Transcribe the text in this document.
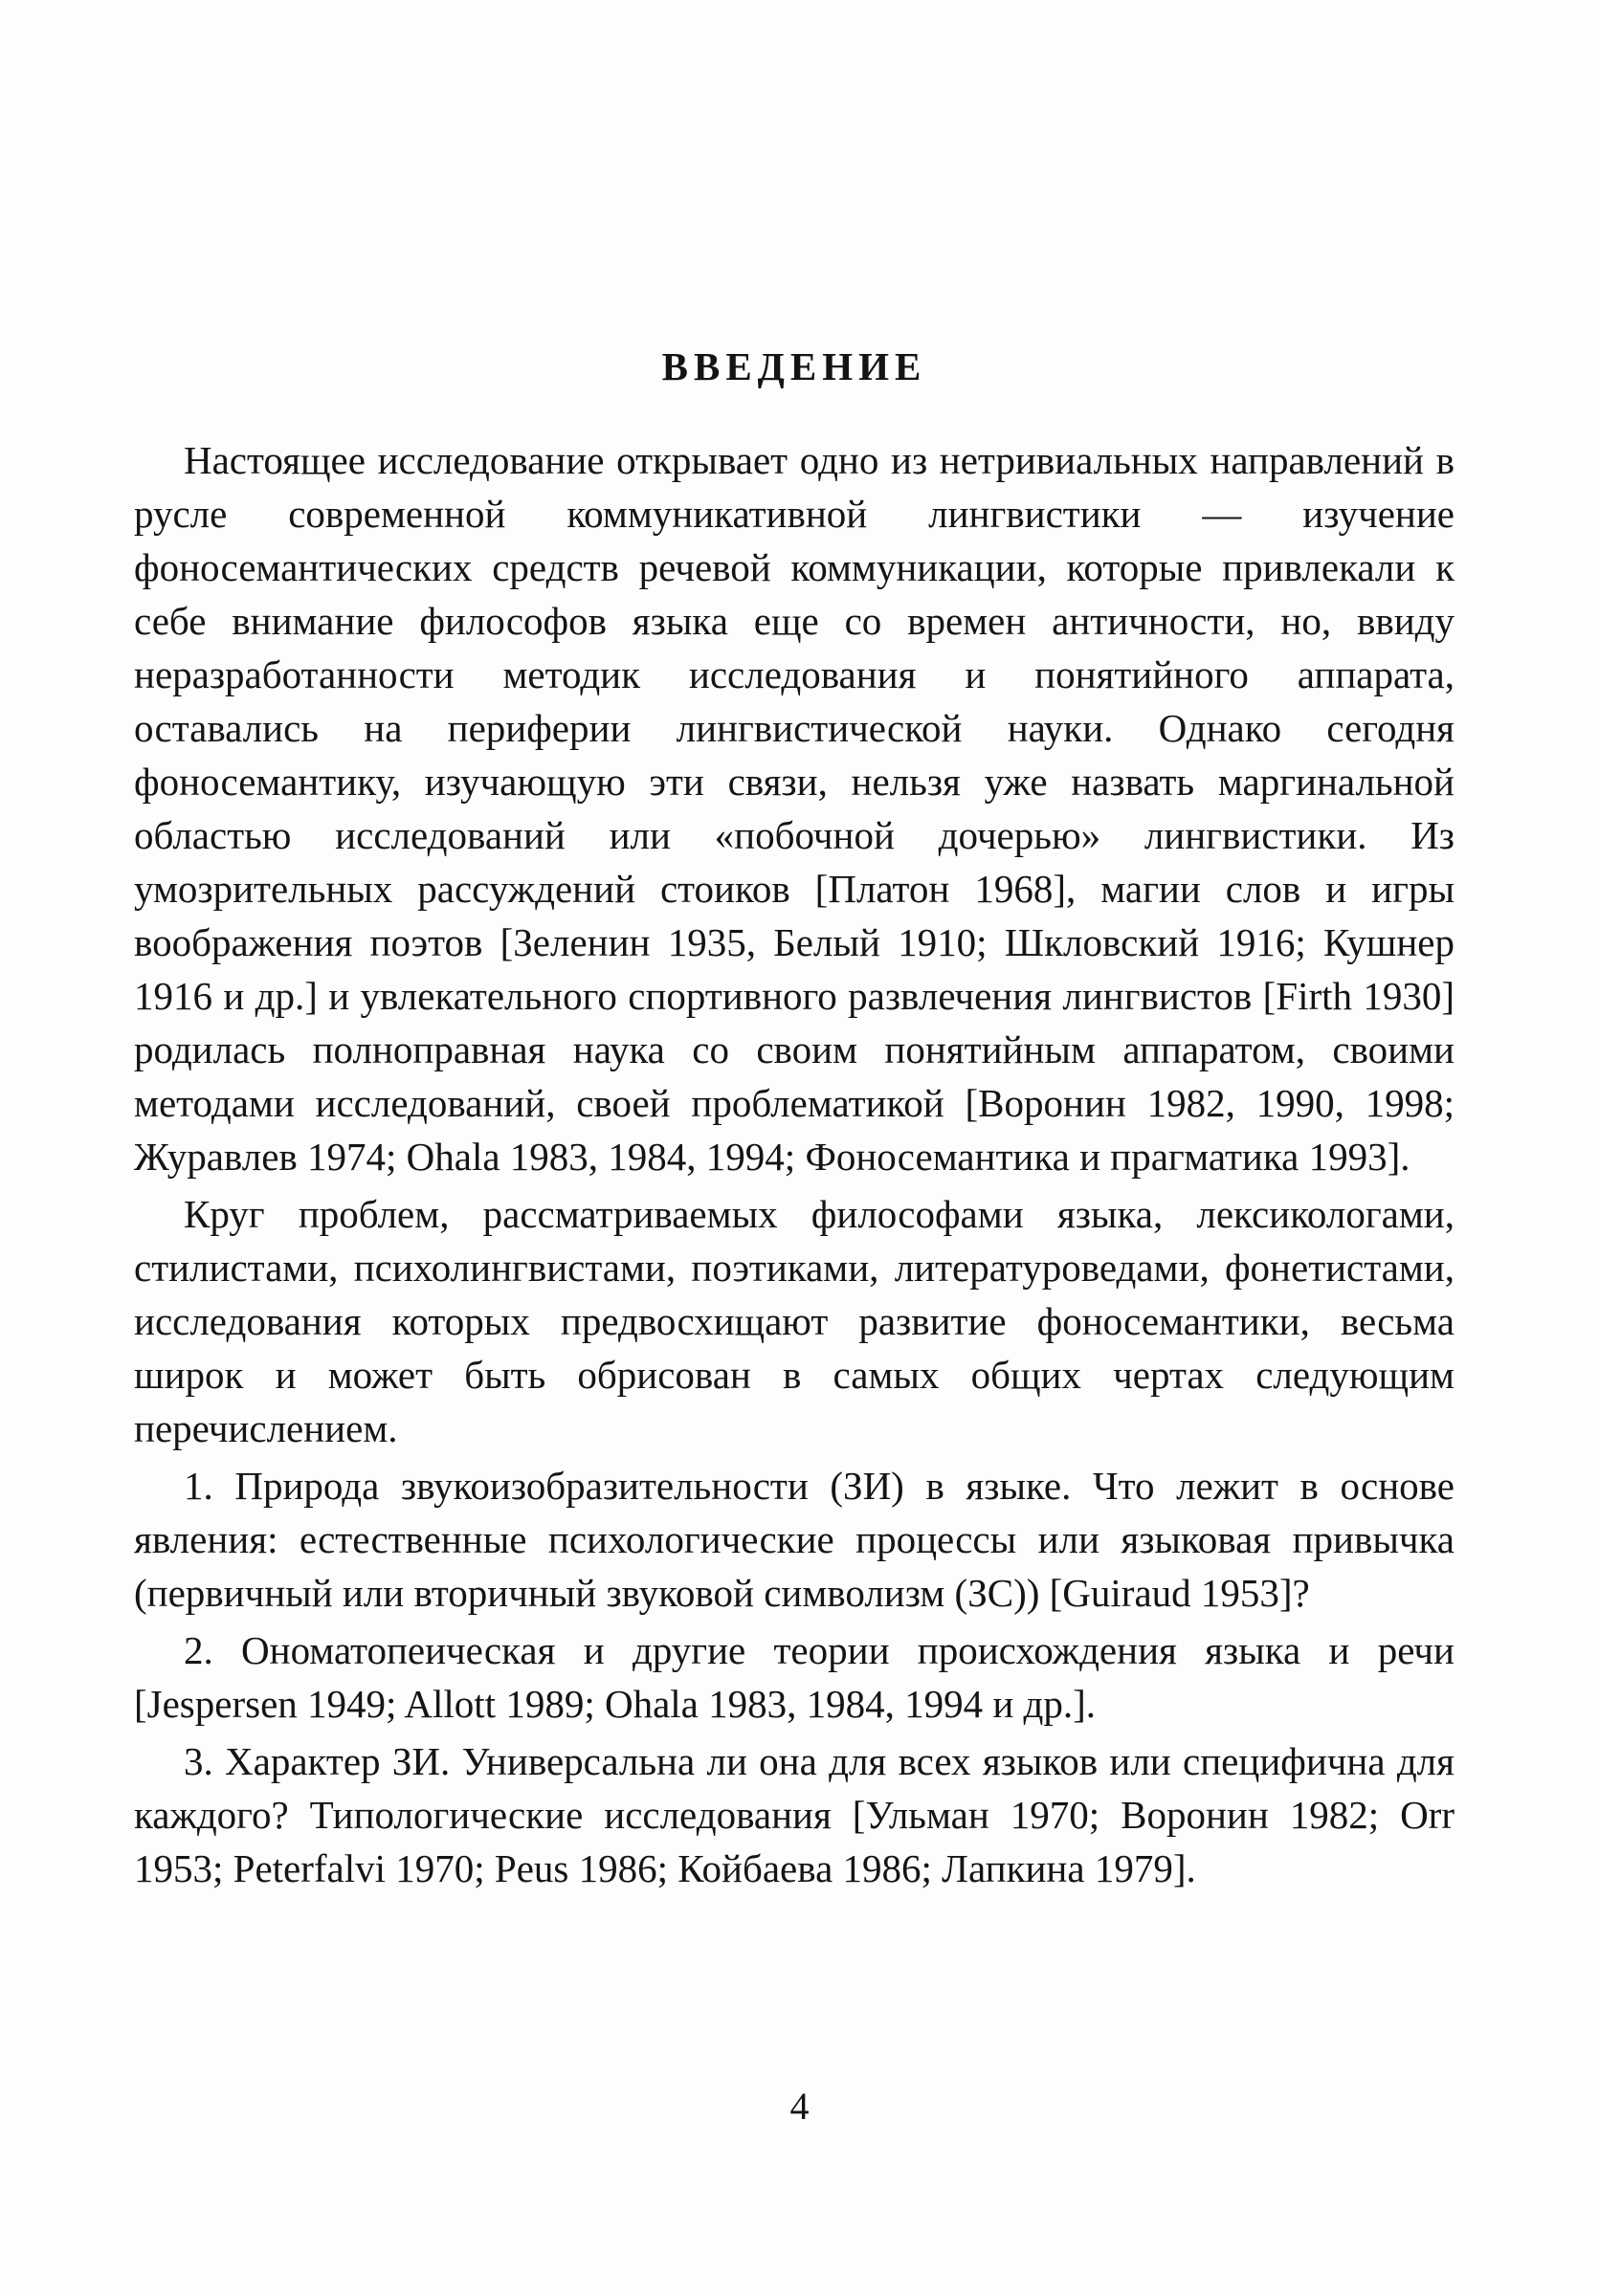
ВВЕДЕНИЕ

Настоящее исследование открывает одно из нетривиальных направлений в русле современной коммуникативной лингвистики — изучение фоносемантических средств речевой коммуникации, которые привлекали к себе внимание философов языка еще со времен античности, но, ввиду неразработанности методик исследования и понятийного аппарата, оставались на периферии лингвистической науки. Однако сегодня фоносемантику, изучающую эти связи, нельзя уже назвать маргинальной областью исследований или «побочной дочерью» лингвистики. Из умозрительных рассуждений стоиков [Платон 1968], магии слов и игры воображения поэтов [Зеленин 1935, Белый 1910; Шкловский 1916; Кушнер 1916 и др.] и увлекательного спортивного развлечения лингвистов [Firth 1930] родилась полноправная наука со своим понятийным аппаратом, своими методами исследований, своей проблематикой [Воронин 1982, 1990, 1998; Журавлев 1974; Ohala 1983, 1984, 1994; Фоносемантика и прагматика 1993].

Круг проблем, рассматриваемых философами языка, лексикологами, стилистами, психолингвистами, поэтиками, литературоведами, фонетистами, исследования которых предвосхищают развитие фоносемантики, весьма широк и может быть обрисован в самых общих чертах следующим перечислением.

1. Природа звукоизобразительности (ЗИ) в языке. Что лежит в основе явления: естественные психологические процессы или языковая привычка (первичный или вторичный звуковой символизм (ЗС)) [Guiraud 1953]?

2. Ономатопеическая и другие теории происхождения языка и речи [Jespersen 1949; Allott 1989; Ohala 1983, 1984, 1994 и др.].

3. Характер ЗИ. Универсальна ли она для всех языков или специфична для каждого? Типологические исследования [Ульман 1970; Воронин 1982; Orr 1953; Peterfalvi 1970; Peus 1986; Койбаева 1986; Лапкина 1979].

4
